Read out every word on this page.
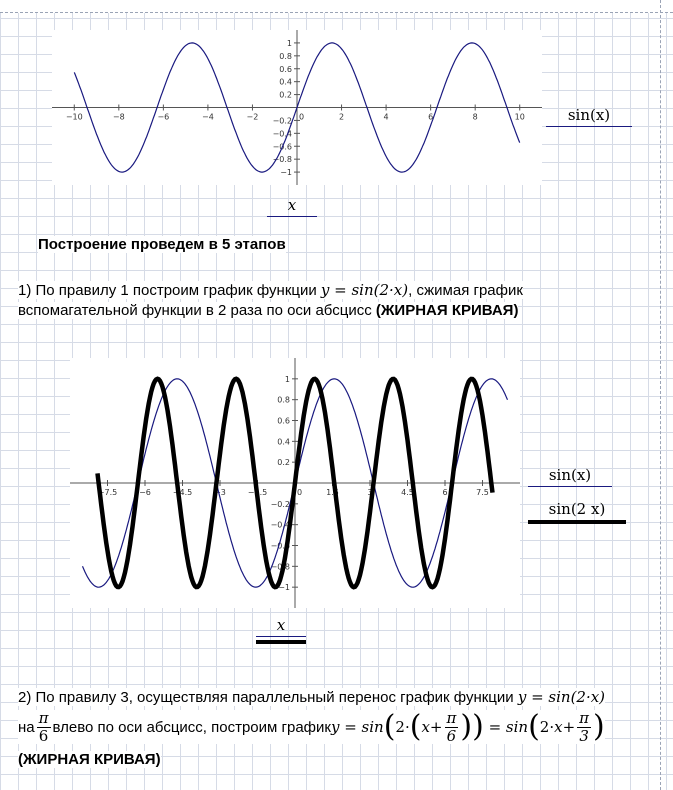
−10	−8	−6	−4	−2	2	4	6	8	10
1
0.8
0.6
0.4
0.2
−0.2
−0.4
−0.6
−0.8
−1
0	sin(x)
x
Построение проведем в 5 этапов
1) По правилу 1 построим график функции y = sin(2·x), сжимая график
вспомагательной функции в 2 раза по оси абсцисс (ЖИРНАЯ КРИВАЯ)
−7.5	−6	−4.5	−3	−1.5	1.5	3	4.5	6	7.5
1
0.8
0.6
0.4
0.2
−0.2
−0.4
−0.6
−0.8
−1
0
sin(x)
sin(2 x)
x
2) По правилу 3, осуществляя параллельный перенос график функции y = sin(2·x)
на $\frac{\pi}{6}$ влево по оси абсцисс, построим график y = sin ( 2· ( $x + \frac{\pi}{6}$ ))
= sin ( $2\cdot x + \frac{\pi}{3}$ )
(ЖИРНАЯ КРИВАЯ)
